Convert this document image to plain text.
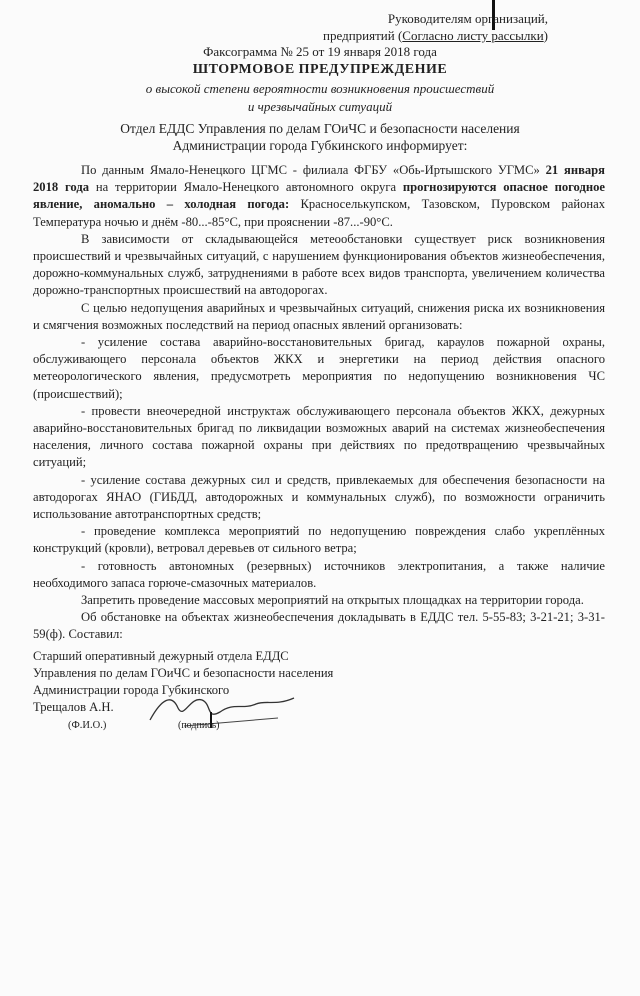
Руководителям организаций,
предприятий (Согласно листу рассылки)
Факсограмма № 25 от 19 января 2018 года
ШТОРМОВОЕ ПРЕДУПРЕЖДЕНИЕ
о высокой степени вероятности возникновения происшествий
и чрезвычайных ситуаций
Отдел ЕДДС Управления по делам ГОиЧС и безопасности населения
Администрации города Губкинского информирует:

По данным Ямало-Ненецкого ЦГМС - филиала ФГБУ «Обь-Иртышского УГМС» 21 января 2018 года на территории Ямало-Ненецкого автономного округа прогнозируются опасное погодное явление, аномально – холодная погода: Красноселькупском, Тазовском, Пуровском районах Температура ночью и днём -80...-85°С, при прояснении -87...-90°С.

В зависимости от складывающейся метеообстановки существует риск возникновения происшествий и чрезвычайных ситуаций, с нарушением функционирования объектов жизнеобеспечения, дорожно-коммунальных служб, затруднениями в работе всех видов транспорта, увеличением количества дорожно-транспортных происшествий на автодорогах.

С целью недопущения аварийных и чрезвычайных ситуаций, снижения риска их возникновения и смягчения возможных последствий на период опасных явлений организовать:

- усиление состава аварийно-восстановительных бригад, караулов пожарной охраны, обслуживающего персонала объектов ЖКХ и энергетики на период действия опасного метеорологического явления, предусмотреть мероприятия по недопущению возникновения ЧС (происшествий);

- провести внеочередной инструктаж обслуживающего персонала объектов ЖКХ, дежурных аварийно-восстановительных бригад по ликвидации возможных аварий на системах жизнеобеспечения населения, личного состава пожарной охраны при действиях по предотвращению чрезвычайных ситуаций;

- усиление состава дежурных сил и средств, привлекаемых для обеспечения безопасности на автодорогах ЯНАО (ГИБДД, автодорожных и коммунальных служб), по возможности ограничить использование автотранспортных средств;

- проведение комплекса мероприятий по недопущению повреждения слабо укреплённых конструкций (кровли), ветровал деревьев от сильного ветра;

- готовность автономных (резервных) источников электропитания, а также наличие необходимого запаса горюче-смазочных материалов.

Запретить проведение массовых мероприятий на открытых площадках на территории города.

Об обстановке на объектах жизнеобеспечения докладывать в ЕДДС тел. 5-55-83; 3-21-21; 3-31-59(ф). Составил:

Старший оперативный дежурный отдела ЕДДС
Управления по делам ГОиЧС и безопасности населения
Администрации города Губкинского
Трещалов А.Н.
(Ф.И.О.)	(подпись)
